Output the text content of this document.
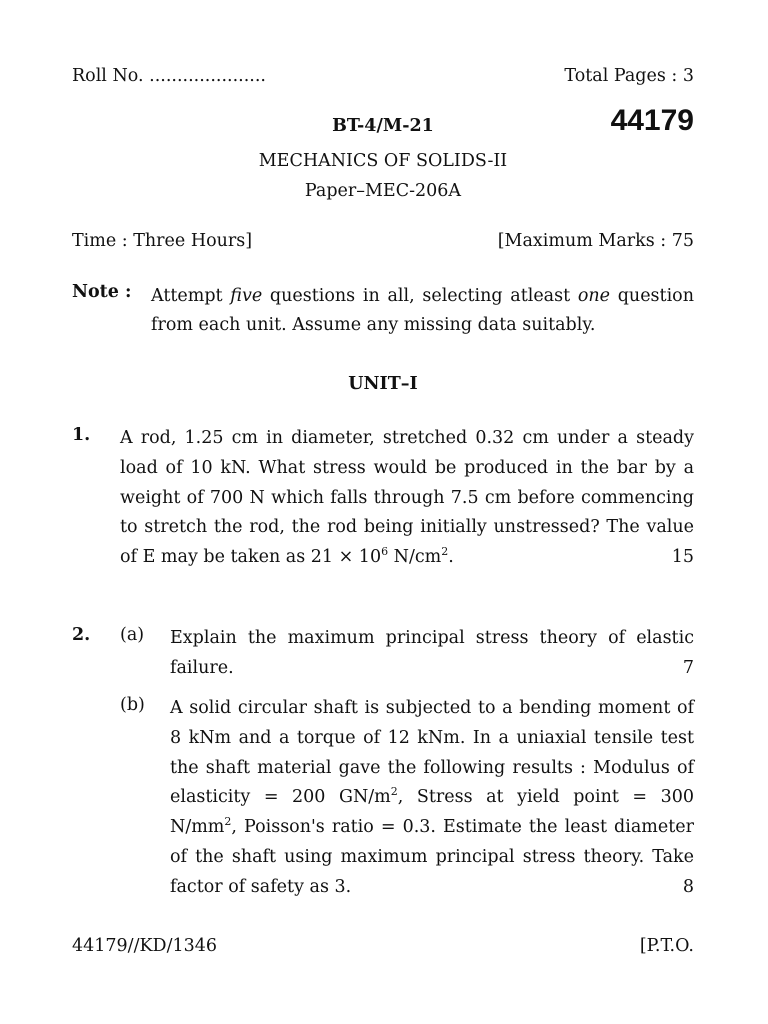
Roll No. .....................	Total Pages : 3
BT-4/M-21	44179
MECHANICS OF SOLIDS-II
Paper–MEC-206A
Time : Three Hours]	[Maximum Marks : 75
Note : Attempt five questions in all, selecting atleast one question from each unit. Assume any missing data suitably.
UNIT–I
1. A rod, 1.25 cm in diameter, stretched 0.32 cm under a steady load of 10 kN. What stress would be produced in the bar by a weight of 700 N which falls through 7.5 cm before commencing to stretch the rod, the rod being initially unstressed? The value of E may be taken as $21 \times 10^6$ $N/cm^2$.	15
2. (a) Explain the maximum principal stress theory of elastic failure.	7
(b) A solid circular shaft is subjected to a bending moment of 8 kNm and a torque of 12 kNm. In a uniaxial tensile test the shaft material gave the following results : Modulus of elasticity = 200 $GN/m^2$, Stress at yield point = 300 $N/mm^2$, Poisson's ratio = 0.3. Estimate the least diameter of the shaft using maximum principal stress theory. Take factor of safety as 3.	8
44179//KD/1346	[P.T.O.
